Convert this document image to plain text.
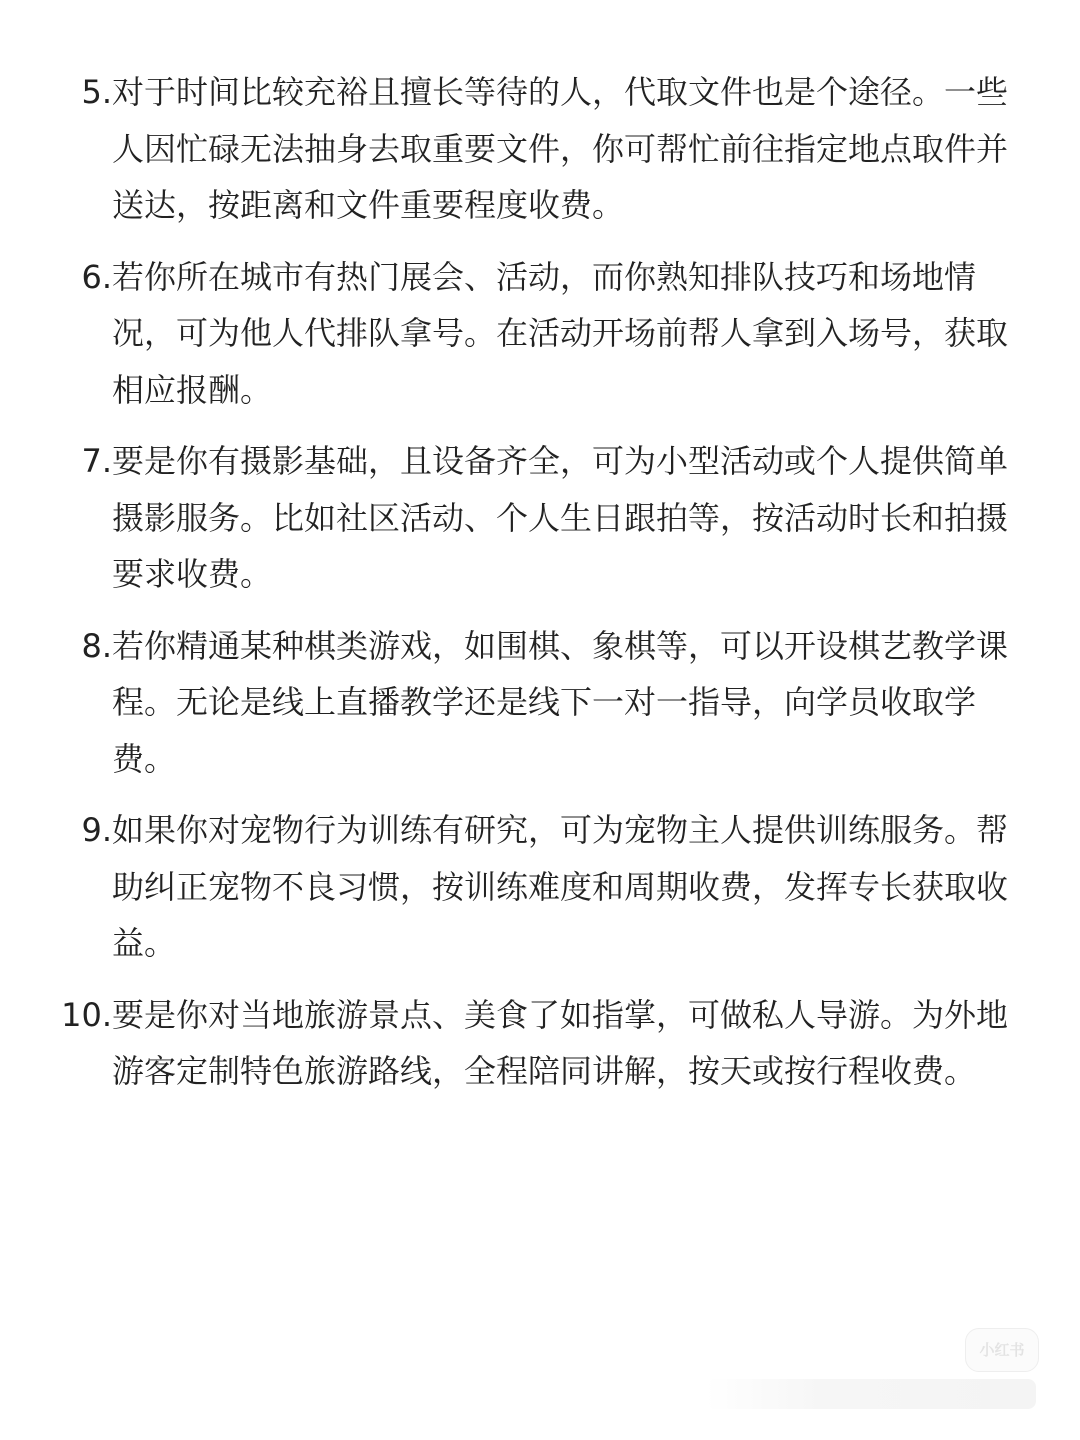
5. 对于时间比较充裕且擅长等待的人，代取文件也是个途径。一些人因忙碌无法抽身去取重要文件，你可帮忙前往指定地点取件并送达，按距离和文件重要程度收费。
6. 若你所在城市有热门展会、活动，而你熟知排队技巧和场地情况，可为他人代排队拿号。在活动开场前帮人拿到入场号，获取相应报酬。
7. 要是你有摄影基础，且设备齐全，可为小型活动或个人提供简单摄影服务。比如社区活动、个人生日跟拍等，按活动时长和拍摄要求收费。
8. 若你精通某种棋类游戏，如围棋、象棋等，可以开设棋艺教学课程。无论是线上直播教学还是线下一对一指导，向学员收取学费。
9. 如果你对宠物行为训练有研究，可为宠物主人提供训练服务。帮助纠正宠物不良习惯，按训练难度和周期收费，发挥专长获取收益。
10. 要是你对当地旅游景点、美食了如指掌，可做私人导游。为外地游客定制特色旅游路线，全程陪同讲解，按天或按行程收费。
小红书
